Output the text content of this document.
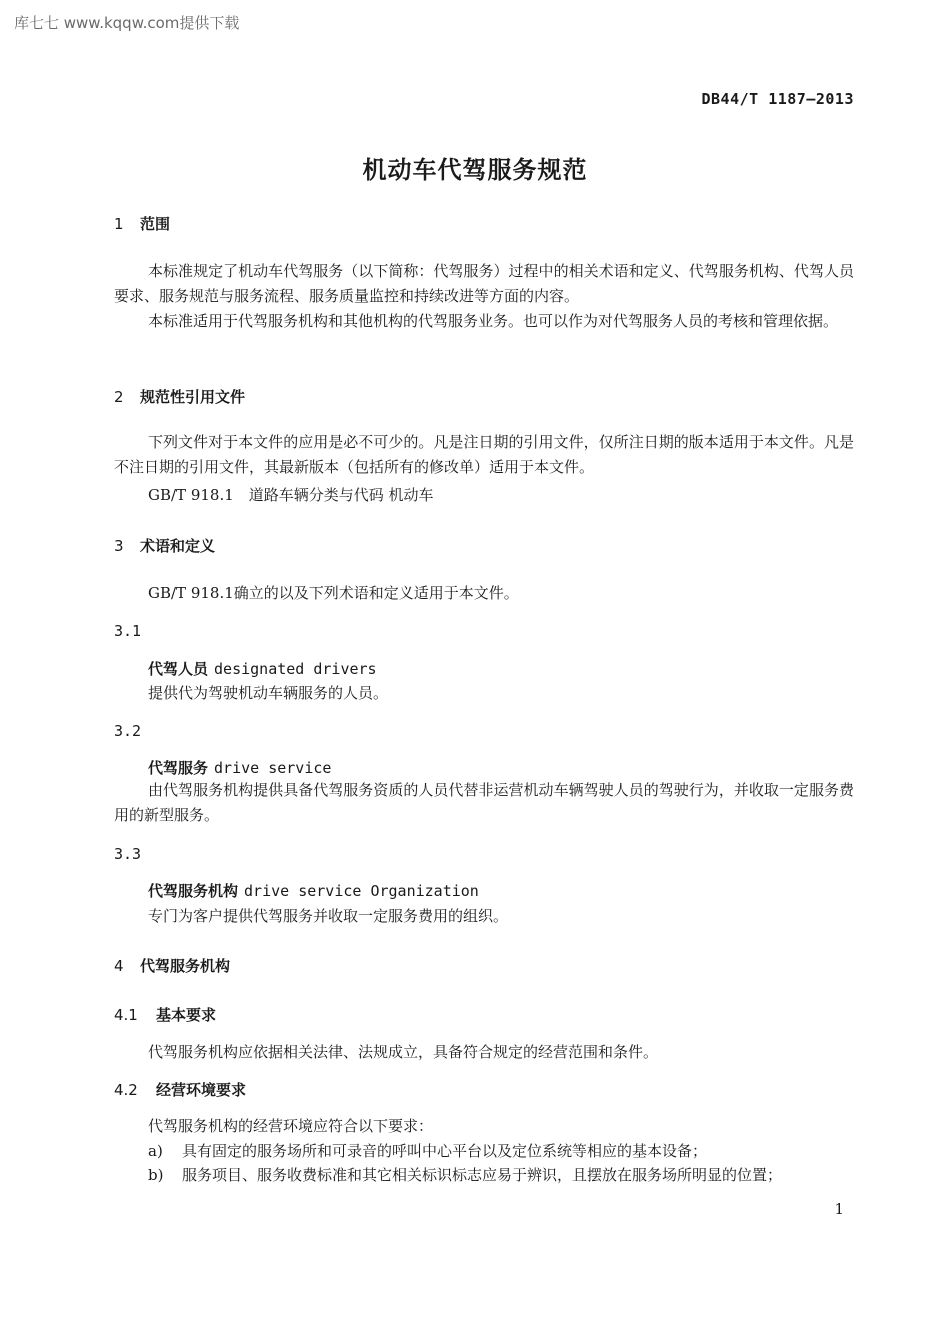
库七七 www.kqqw.com提供下载
DB44/T 1187—2013
机动车代驾服务规范
1 范围
本标准规定了机动车代驾服务（以下简称：代驾服务）过程中的相关术语和定义、代驾服务机构、代驾人员要求、服务规范与服务流程、服务质量监控和持续改进等方面的内容。
本标准适用于代驾服务机构和其他机构的代驾服务业务。也可以作为对代驾服务人员的考核和管理依据。
2 规范性引用文件
下列文件对于本文件的应用是必不可少的。凡是注日期的引用文件，仅所注日期的版本适用于本文件。凡是不注日期的引用文件，其最新版本（包括所有的修改单）适用于本文件。
GB/T 918.1　道路车辆分类与代码 机动车
3 术语和定义
GB/T 918.1确立的以及下列术语和定义适用于本文件。
3.1
代驾人员 designated drivers
提供代为驾驶机动车辆服务的人员。
3.2
代驾服务 drive service
由代驾服务机构提供具备代驾服务资质的人员代替非运营机动车辆驾驶人员的驾驶行为，并收取一定服务费用的新型服务。
3.3
代驾服务机构 drive service Organization
专门为客户提供代驾服务并收取一定服务费用的组织。
4 代驾服务机构
4.1 基本要求
代驾服务机构应依据相关法律、法规成立，具备符合规定的经营范围和条件。
4.2 经营环境要求
代驾服务机构的经营环境应符合以下要求：
a) 具有固定的服务场所和可录音的呼叫中心平台以及定位系统等相应的基本设备；
b) 服务项目、服务收费标准和其它相关标识标志应易于辨识，且摆放在服务场所明显的位置；
1
